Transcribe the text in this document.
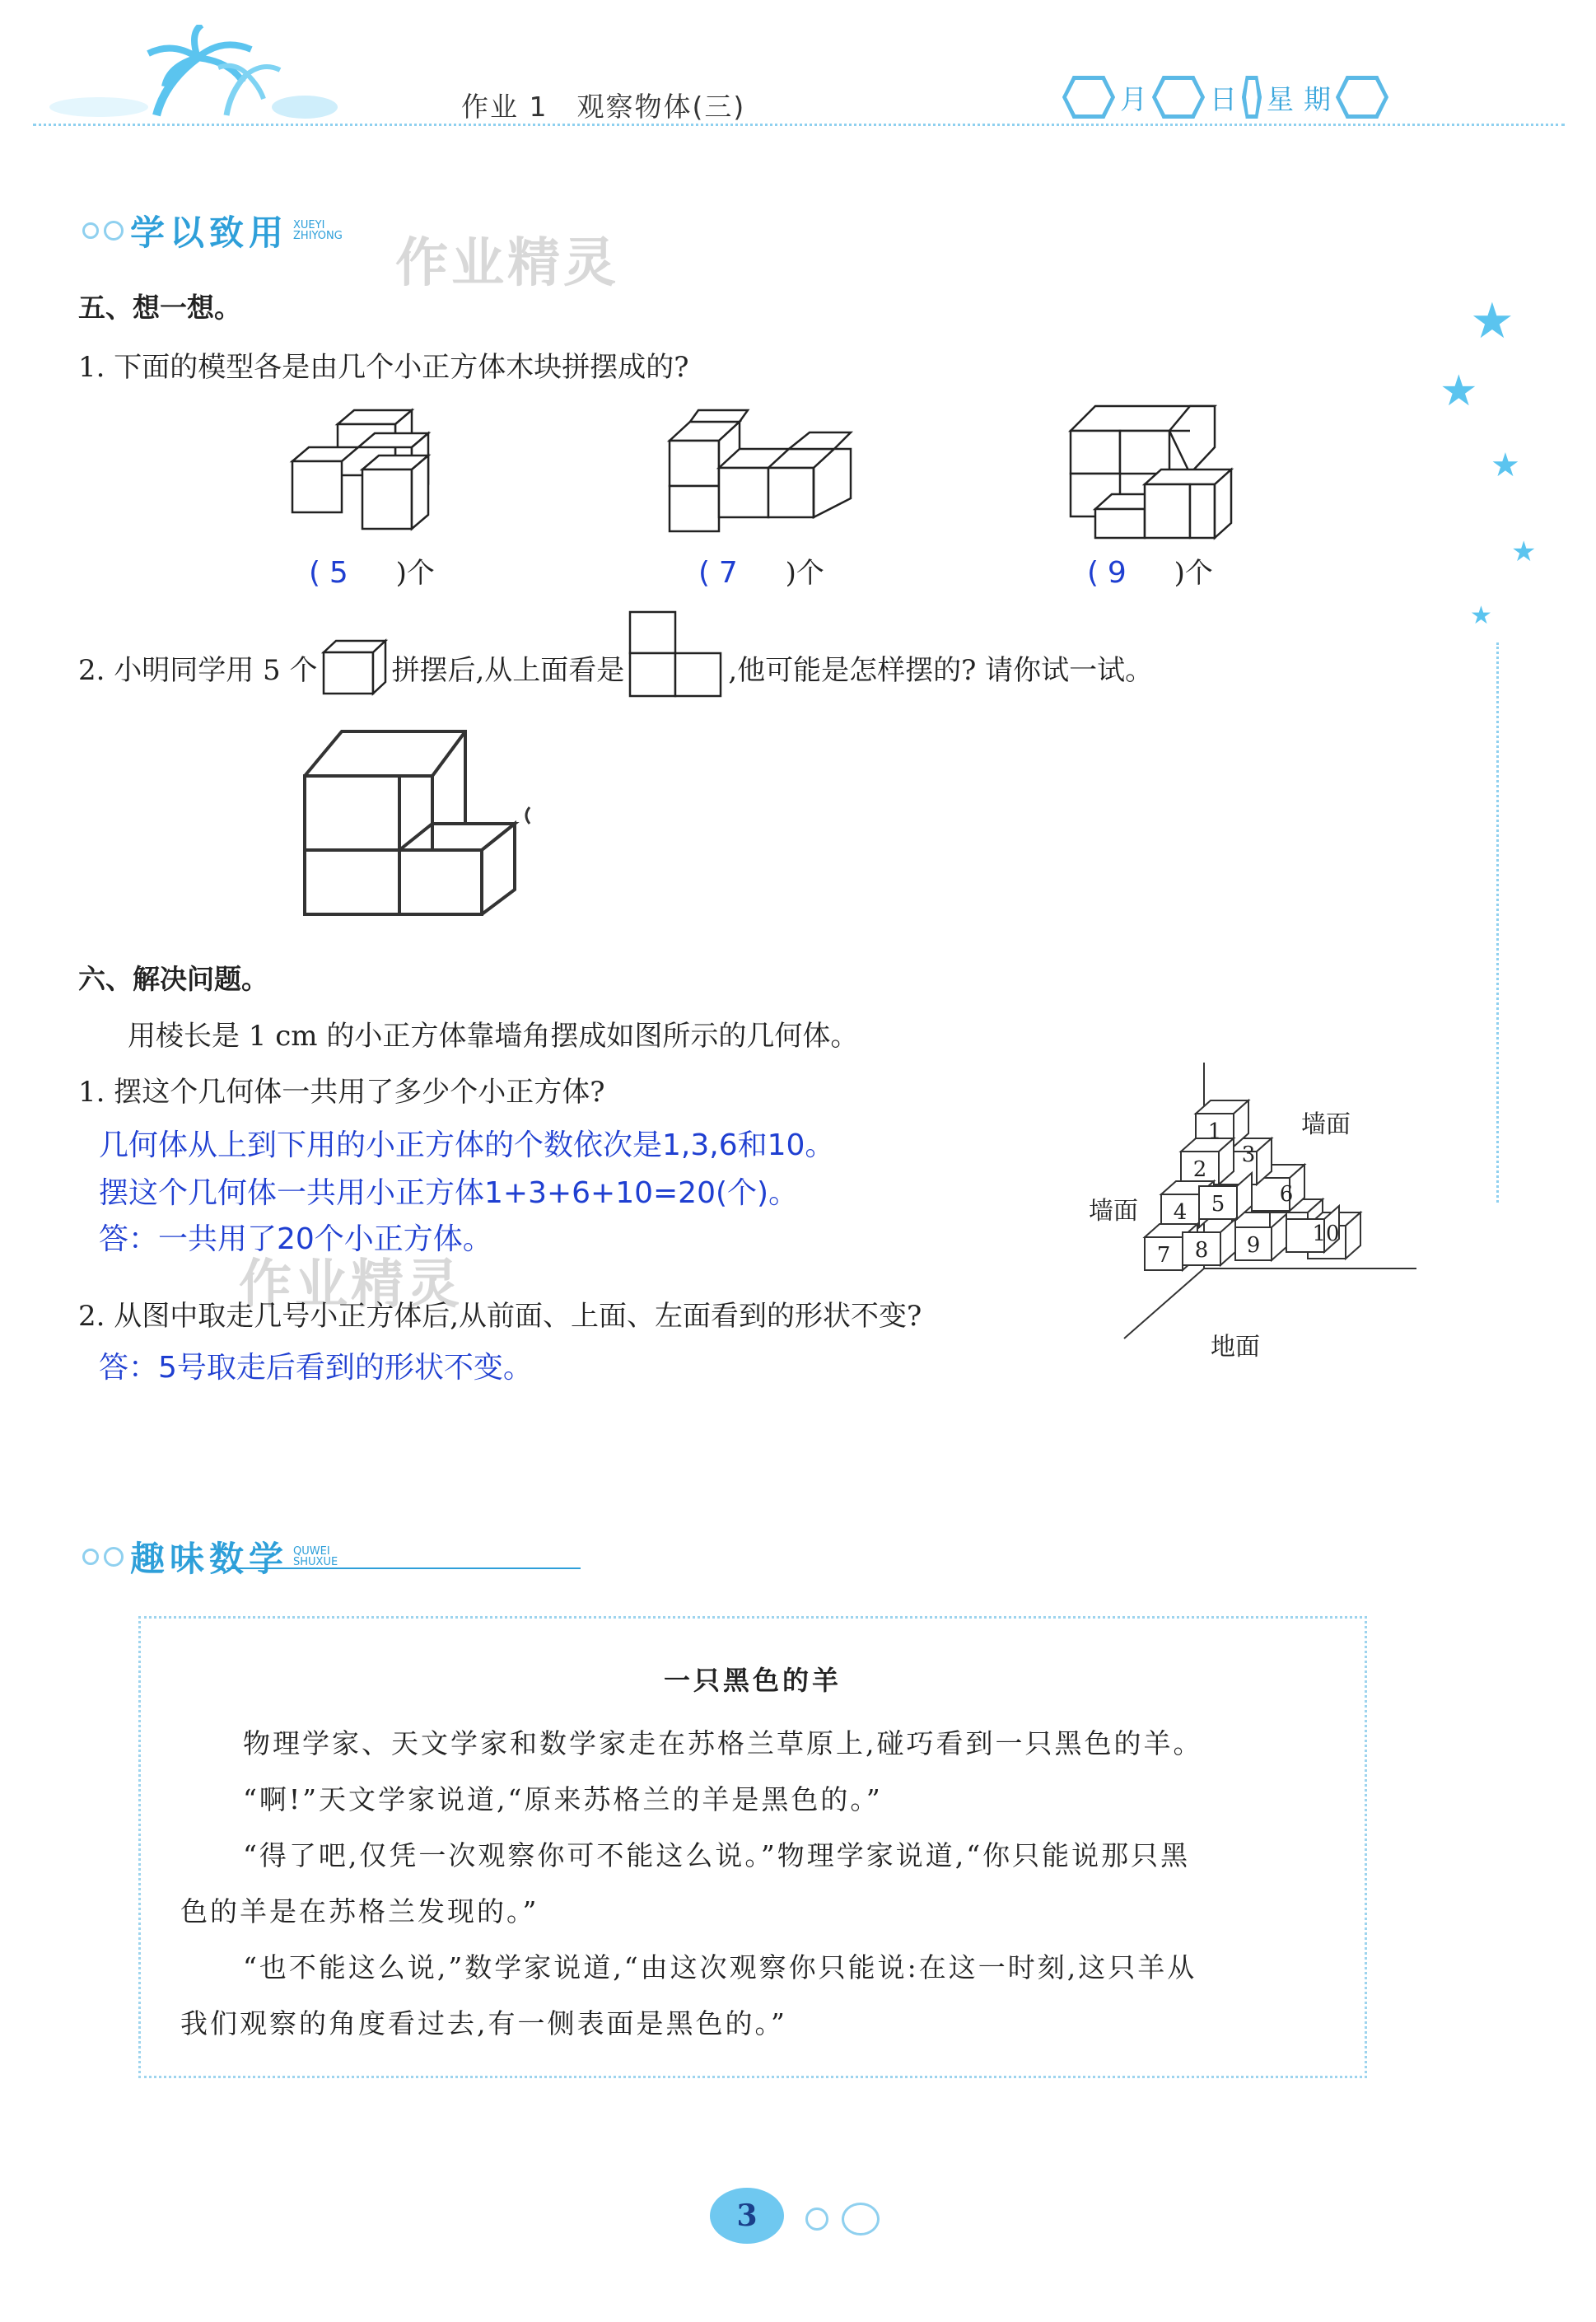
作业 1　观察物体(三)	月 日 星 期
★
★
★
★
★
学以致用 XUEYI
ZHIYONG 作业精灵
五、想一想。
1. 下面的模型各是由几个小正方体木块拼摆成的?
( 5 )个	( 7 )个	( 9 )个
2. 小明同学用 5 个	拼摆后,从上面看是	,他可能是怎样摆的? 请你试一试。
六、解决问题。
用棱长是 1 cm 的小正方体靠墙角摆成如图所示的几何体。
1. 摆这个几何体一共用了多少个小正方体?
几何体从上到下用的小正方体的个数依次是1,3,6和10。
摆这个几何体一共用小正方体1+3+6+10=20(个)。
答：一共用了20个小正方体。
作业精灵
2. 从图中取走几号小正方体后,从前面、上面、左面看到的形状不变?
答：5号取走后看到的形状不变。
1
2
3
4 5	6
7 8 9 10
墙面
墙面
地面
趣味数学 QUWEI
SHUXUE
一只黑色的羊

物理学家、天文学家和数学家走在苏格兰草原上,碰巧看到一只黑色的羊。

“啊!”天文学家说道,“原来苏格兰的羊是黑色的。”

“得了吧,仅凭一次观察你可不能这么说。”物理学家说道,“你只能说那只黑

色的羊是在苏格兰发现的。”

“也不能这么说,”数学家说道,“由这次观察你只能说:在这一时刻,这只羊从

我们观察的角度看过去,有一侧表面是黑色的。”

3
